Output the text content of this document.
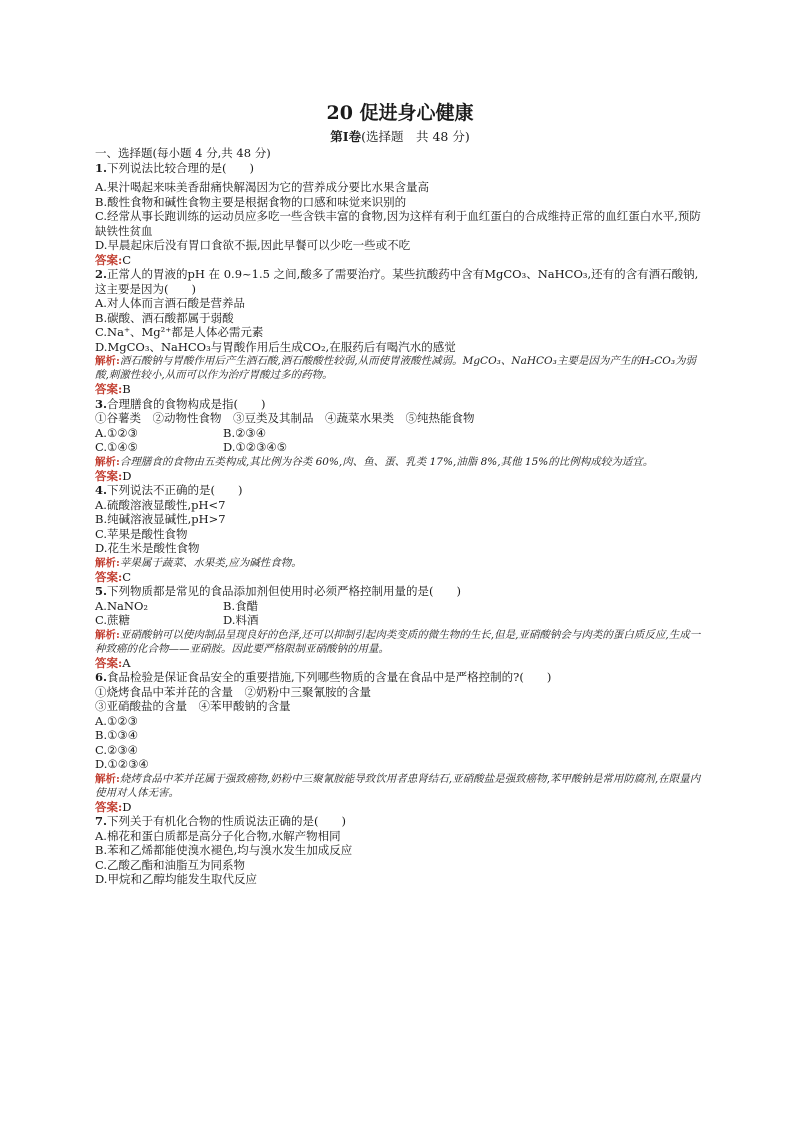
20 促进身心健康

第Ⅰ卷(选择题　共 48 分)

一、选择题(每小题 4 分,共 48 分)

1.下列说法比较合理的是(　　)

A.果汁喝起来味美香甜痛快解渴因为它的营养成分要比水果含量高

B.酸性食物和碱性食物主要是根据食物的口感和味觉来识别的

C.经常从事长跑训练的运动员应多吃一些含铁丰富的食物,因为这样有利于血红蛋白的合成维持正常的血红蛋白水平,预防缺铁性贫血

D.早晨起床后没有胃口食欲不振,因此早餐可以少吃一些或不吃

答案:C

2.正常人的胃液的pH 在 0.9~1.5 之间,酸多了需要治疗。某些抗酸药中含有MgCO₃、NaHCO₃,还有的含有酒石酸钠,这主要是因为(　　)

A.对人体而言酒石酸是营养品

B.碳酸、酒石酸都属于弱酸

C.Na⁺、Mg²⁺都是人体必需元素

D.MgCO₃、NaHCO₃与胃酸作用后生成CO₂,在服药后有喝汽水的感觉

解析:酒石酸钠与胃酸作用后产生酒石酸,酒石酸酸性较弱,从而使胃液酸性减弱。MgCO₃、NaHCO₃主要是因为产生的H₂CO₃为弱酸,刺激性较小,从而可以作为治疗胃酸过多的药物。

答案:B

3.合理膳食的食物构成是指(　　)

①谷薯类　②动物性食物　③豆类及其制品　④蔬菜水果类　⑤纯热能食物

A.①②③	B.②③④
C.①④⑤	D.①②③④⑤

解析:合理膳食的食物由五类构成,其比例为谷类 60%,肉、鱼、蛋、乳类 17%,油脂 8%,其他 15%的比例构成较为适宜。

答案:D

4.下列说法不正确的是(　　)

A.硫酸溶液显酸性,pH<7

B.纯碱溶液显碱性,pH>7

C.苹果是酸性食物

D.花生米是酸性食物

解析:苹果属于蔬菜、水果类,应为碱性食物。

答案:C

5.下列物质都是常见的食品添加剂但使用时必须严格控制用量的是(　　)

A.NaNO₂	B.食醋
C.蔗糖	D.料酒

解析:亚硝酸钠可以使肉制品呈现良好的色泽,还可以抑制引起肉类变质的微生物的生长,但是,亚硝酸钠会与肉类的蛋白质反应,生成一种致癌的化合物——亚硝胺。因此要严格限制亚硝酸钠的用量。

答案:A

6.食品检验是保证食品安全的重要措施,下列哪些物质的含量在食品中是严格控制的?(　　)

①烧烤食品中苯并芘的含量　②奶粉中三聚氰胺的含量

③亚硝酸盐的含量　④苯甲酸钠的含量

A.①②③

B.①③④

C.②③④

D.①②③④

解析:烧烤食品中苯并芘属于强致癌物,奶粉中三聚氰胺能导致饮用者患肾结石,亚硝酸盐是强致癌物,苯甲酸钠是常用防腐剂,在限量内使用对人体无害。

答案:D

7.下列关于有机化合物的性质说法正确的是(　　)

A.棉花和蛋白质都是高分子化合物,水解产物相同

B.苯和乙烯都能使溴水褪色,均与溴水发生加成反应

C.乙酸乙酯和油脂互为同系物

D.甲烷和乙醇均能发生取代反应
